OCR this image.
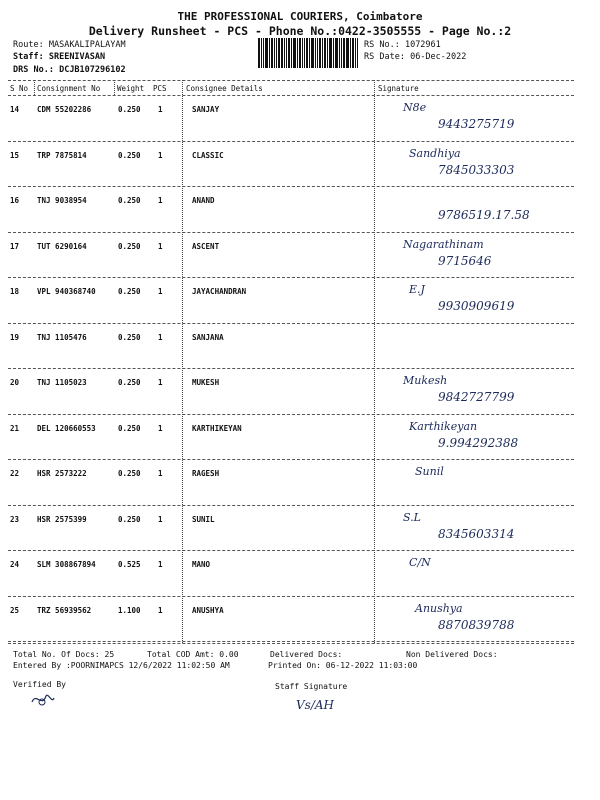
THE PROFESSIONAL COURIERS, Coimbatore
Delivery Runsheet - PCS - Phone No.:0422-3505555 - Page No.:2
Route: MASAKALIPALAYAM
Staff: SREENIVASAN
DRS No.: DCJB107296102
RS No.: 1072961
RS Date: 06-Dec-2022
S No Consignment No Weight PCS	Consignee Details	Signature
14 CDM 55202286	0.250 1	SANJAY	N8e
9443275719
15 TRP 7875814	0.250 1	CLASSIC	Sandhiya
7845033303
16 TNJ 9038954	0.250 1	ANAND
9786519.17.58
17 TUT 6290164	0.250 1	ASCENT	Nagarathinam
9715646
18 VPL 940368740	0.250 1	JAYACHANDRAN	E.J
9930909619
19 TNJ 1105476	0.250 1	SANJANA
20 TNJ 1105023	0.250 1	MUKESH	Mukesh
9842727799
21 DEL 120660553	0.250 1	KARTHIKEYAN	Karthikeyan
9.994292388
22 HSR 2573222	0.250 1	RAGESH	Sunil
23 HSR 2575399	0.250 1	SUNIL	S.L
8345603314
24 SLM 308867894	0.525 1	MANO	C/N
25 TRZ 56939562	1.100 1	ANUSHYA	Anushya
8870839788
Total No. Of Docs: 25	Total COD Amt: 0.00	Delivered Docs:	Non Delivered Docs:
Entered By :POORNIMAPCS 12/6/2022 11:02:50 AM	Printed On: 06-12-2022 11:03:00
Verified By	Staff Signature
Vs/AH
